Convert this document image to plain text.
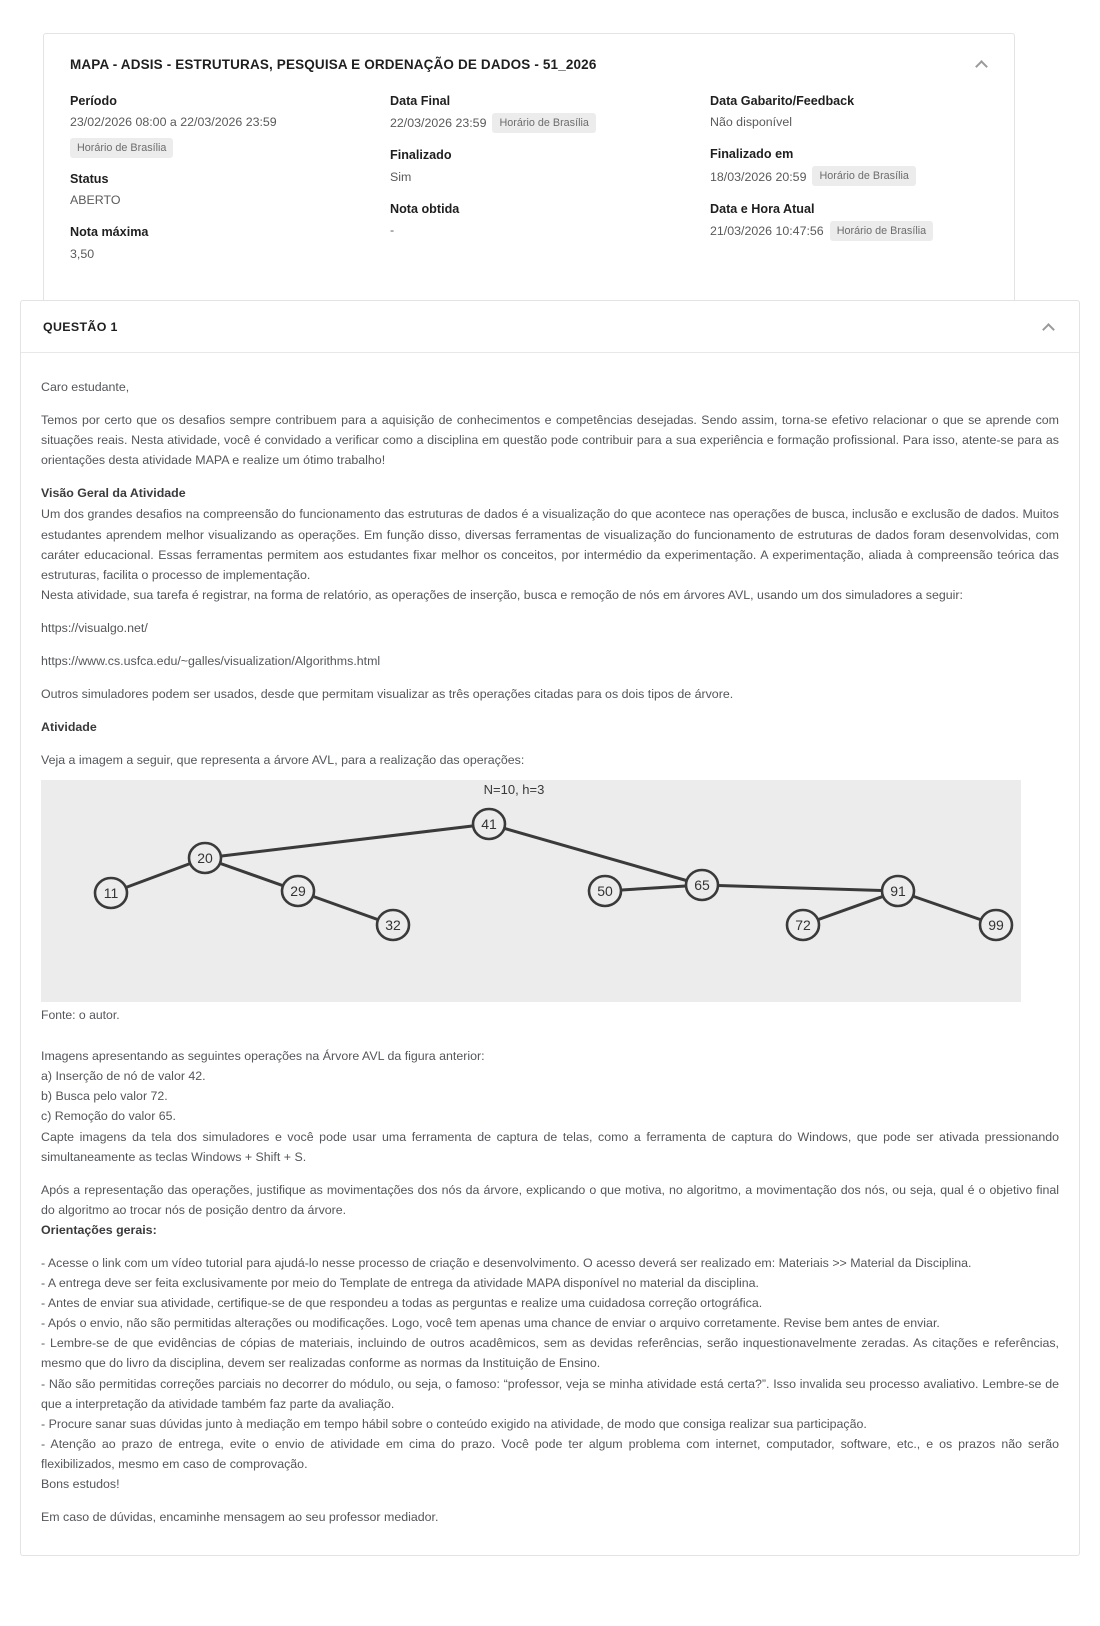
MAPA - ADSIS - ESTRUTURAS, PESQUISA E ORDENAÇÃO DE DADOS - 51_2026
Período
23/02/2026 08:00 a 22/03/2026 23:59
Horário de Brasília
Status
ABERTO
Nota máxima
3,50
Data Final
22/03/2026 23:59 Horário de Brasília
Finalizado
Sim
Nota obtida
-
Data Gabarito/Feedback
Não disponível
Finalizado em
18/03/2026 20:59 Horário de Brasília
Data e Hora Atual
21/03/2026 10:47:56 Horário de Brasília
QUESTÃO 1

Caro estudante,

Temos por certo que os desafios sempre contribuem para a aquisição de conhecimentos e competências desejadas. Sendo assim, torna-se efetivo relacionar o que se aprende com situações reais. Nesta atividade, você é convidado a verificar como a disciplina em questão pode contribuir para a sua experiência e formação profissional. Para isso, atente-se para as orientações desta atividade MAPA e realize um ótimo trabalho!

Visão Geral da Atividade

Um dos grandes desafios na compreensão do funcionamento das estruturas de dados é a visualização do que acontece nas operações de busca, inclusão e exclusão de dados. Muitos estudantes aprendem melhor visualizando as operações. Em função disso, diversas ferramentas de visualização do funcionamento de estruturas de dados foram desenvolvidas, com caráter educacional. Essas ferramentas permitem aos estudantes fixar melhor os conceitos, por intermédio da experimentação. A experimentação, aliada à compreensão teórica das estruturas, facilita o processo de implementação.

Nesta atividade, sua tarefa é registrar, na forma de relatório, as operações de inserção, busca e remoção de nós em árvores AVL, usando um dos simuladores a seguir:

https://visualgo.net/

https://www.cs.usfca.edu/~galles/visualization/Algorithms.html

Outros simuladores podem ser usados, desde que permitam visualizar as três operações citadas para os dois tipos de árvore.

Atividade

Veja a imagem a seguir, que representa a árvore AVL, para a realização das operações:

41
20
65
11	29	50	91
32	72	99
N=10, h=3

Fonte: o autor.

Imagens apresentando as seguintes operações na Árvore AVL da figura anterior:

a) Inserção de nó de valor 42.

b) Busca pelo valor 72.

c) Remoção do valor 65.

Capte imagens da tela dos simuladores e você pode usar uma ferramenta de captura de telas, como a ferramenta de captura do Windows, que pode ser ativada pressionando simultaneamente as teclas Windows + Shift + S.

Após a representação das operações, justifique as movimentações dos nós da árvore, explicando o que motiva, no algoritmo, a movimentação dos nós, ou seja, qual é o objetivo final do algoritmo ao trocar nós de posição dentro da árvore.

Orientações gerais:

- Acesse o link com um vídeo tutorial para ajudá-lo nesse processo de criação e desenvolvimento. O acesso deverá ser realizado em: Materiais >> Material da Disciplina.

- A entrega deve ser feita exclusivamente por meio do Template de entrega da atividade MAPA disponível no material da disciplina.

- Antes de enviar sua atividade, certifique-se de que respondeu a todas as perguntas e realize uma cuidadosa correção ortográfica.

- Após o envio, não são permitidas alterações ou modificações. Logo, você tem apenas uma chance de enviar o arquivo corretamente. Revise bem antes de enviar.

- Lembre-se de que evidências de cópias de materiais, incluindo de outros acadêmicos, sem as devidas referências, serão inquestionavelmente zeradas. As citações e referências, mesmo que do livro da disciplina, devem ser realizadas conforme as normas da Instituição de Ensino.

- Não são permitidas correções parciais no decorrer do módulo, ou seja, o famoso: “professor, veja se minha atividade está certa?”. Isso invalida seu processo avaliativo. Lembre-se de que a interpretação da atividade também faz parte da avaliação.

- Procure sanar suas dúvidas junto à mediação em tempo hábil sobre o conteúdo exigido na atividade, de modo que consiga realizar sua participação.

- Atenção ao prazo de entrega, evite o envio de atividade em cima do prazo. Você pode ter algum problema com internet, computador, software, etc., e os prazos não serão flexibilizados, mesmo em caso de comprovação.

Bons estudos!

Em caso de dúvidas, encaminhe mensagem ao seu professor mediador.
